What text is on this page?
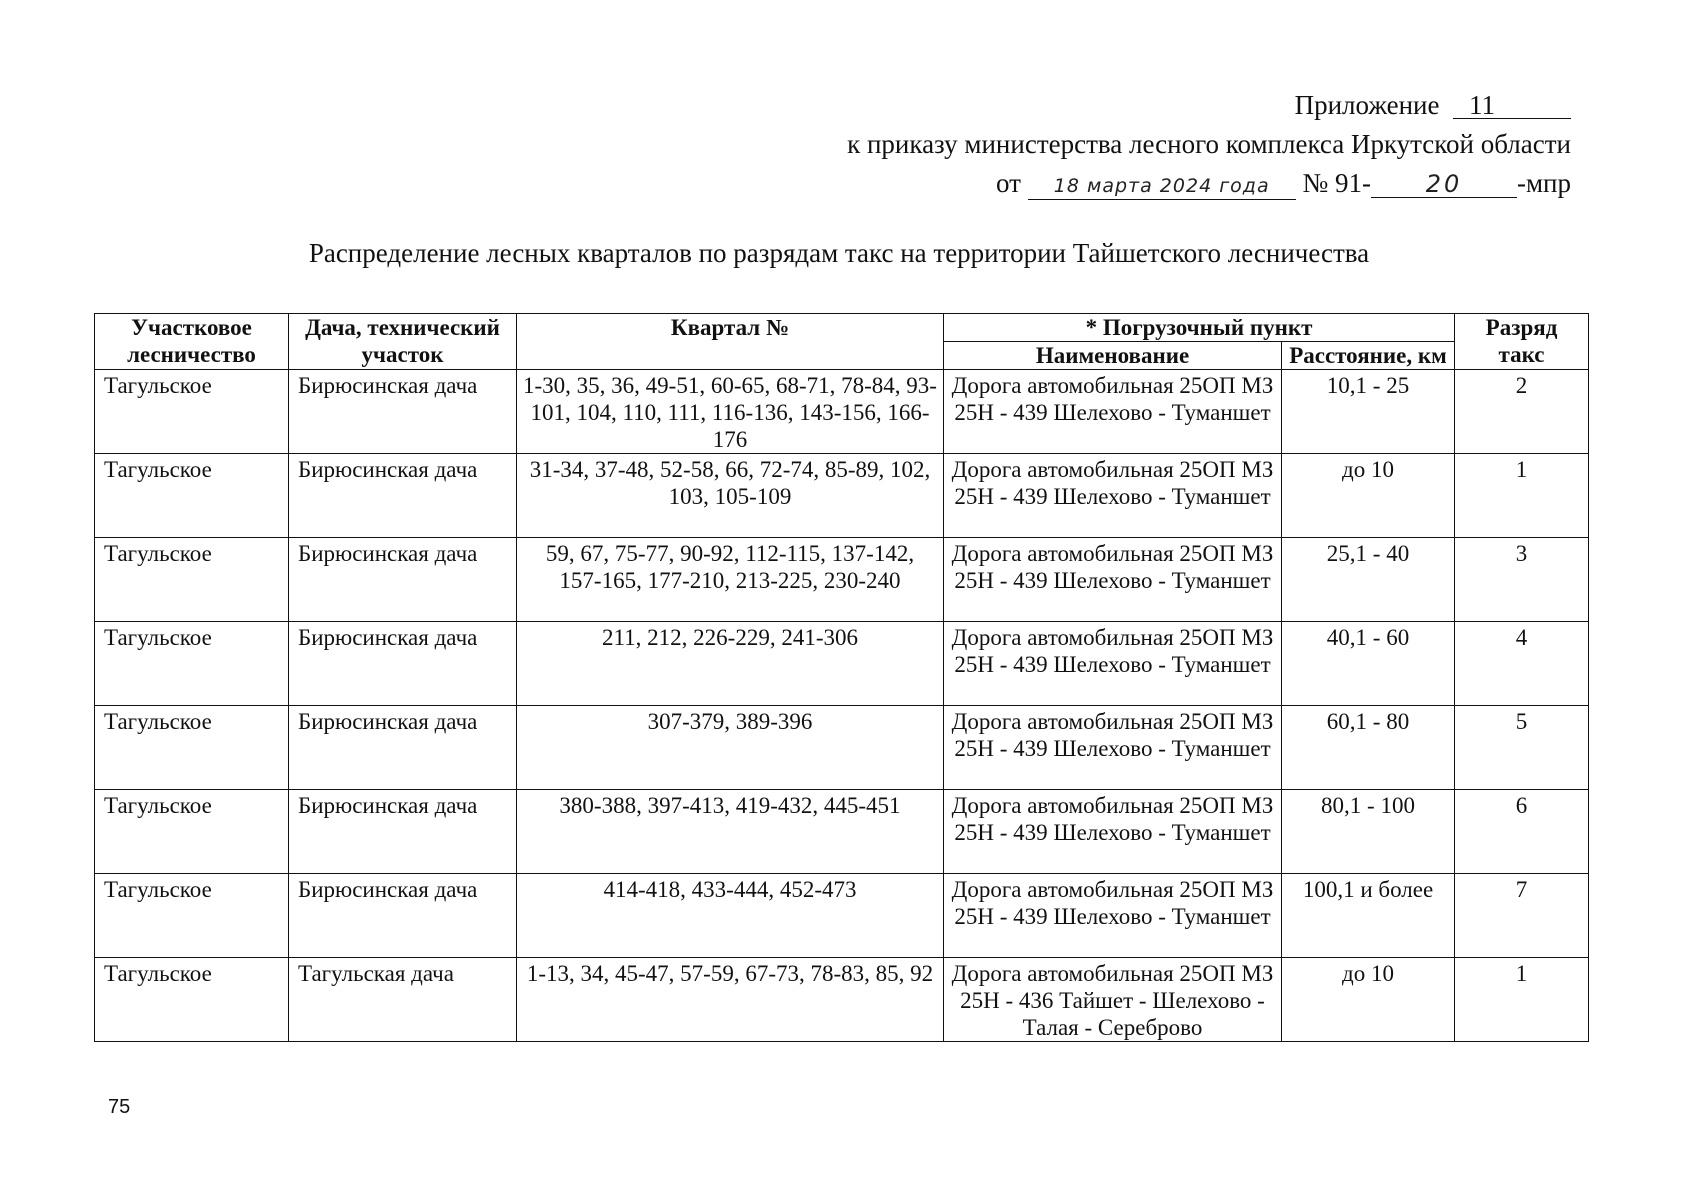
Приложение 11
к приказу министерства лесного комплекса Иркутской области
от 18 марта 2024 года № 91- 20 -мпр
Распределение лесных кварталов по разрядам такс на территории Тайшетского лесничества
Участковое лесничество	Дача, технический участок	Квартал №	* Погрузочный пункт		Разряд такс
			Наименование	Расстояние, км	
Тагульское	Бирюсинская дача	1-30, 35, 36, 49-51, 60-65, 68-71, 78-84, 93-101, 104, 110, 111, 116-136, 143-156, 166-176	Дорога автомобильная 25ОП МЗ 25Н - 439 Шелехово - Туманшет	10,1 - 25	2
Тагульское	Бирюсинская дача	31-34, 37-48, 52-58, 66, 72-74, 85-89, 102, 103, 105-109	Дорога автомобильная 25ОП МЗ 25Н - 439 Шелехово - Туманшет	до 10	1
Тагульское	Бирюсинская дача	59, 67, 75-77, 90-92, 112-115, 137-142, 157-165, 177-210, 213-225, 230-240	Дорога автомобильная 25ОП МЗ 25Н - 439 Шелехово - Туманшет	25,1 - 40	3
Тагульское	Бирюсинская дача	211, 212, 226-229, 241-306	Дорога автомобильная 25ОП МЗ 25Н - 439 Шелехово - Туманшет	40,1 - 60	4
Тагульское	Бирюсинская дача	307-379, 389-396	Дорога автомобильная 25ОП МЗ 25Н - 439 Шелехово - Туманшет	60,1 - 80	5
Тагульское	Бирюсинская дача	380-388, 397-413, 419-432, 445-451	Дорога автомобильная 25ОП МЗ 25Н - 439 Шелехово - Туманшет	80,1 - 100	6
Тагульское	Бирюсинская дача	414-418, 433-444, 452-473	Дорога автомобильная 25ОП МЗ 25Н - 439 Шелехово - Туманшет	100,1 и более	7
Тагульское	Тагульская дача	1-13, 34, 45-47, 57-59, 67-73, 78-83, 85, 92	Дорога автомобильная 25ОП МЗ 25Н - 436 Тайшет - Шелехово - Талая - Сереброво	до 10	1
75
